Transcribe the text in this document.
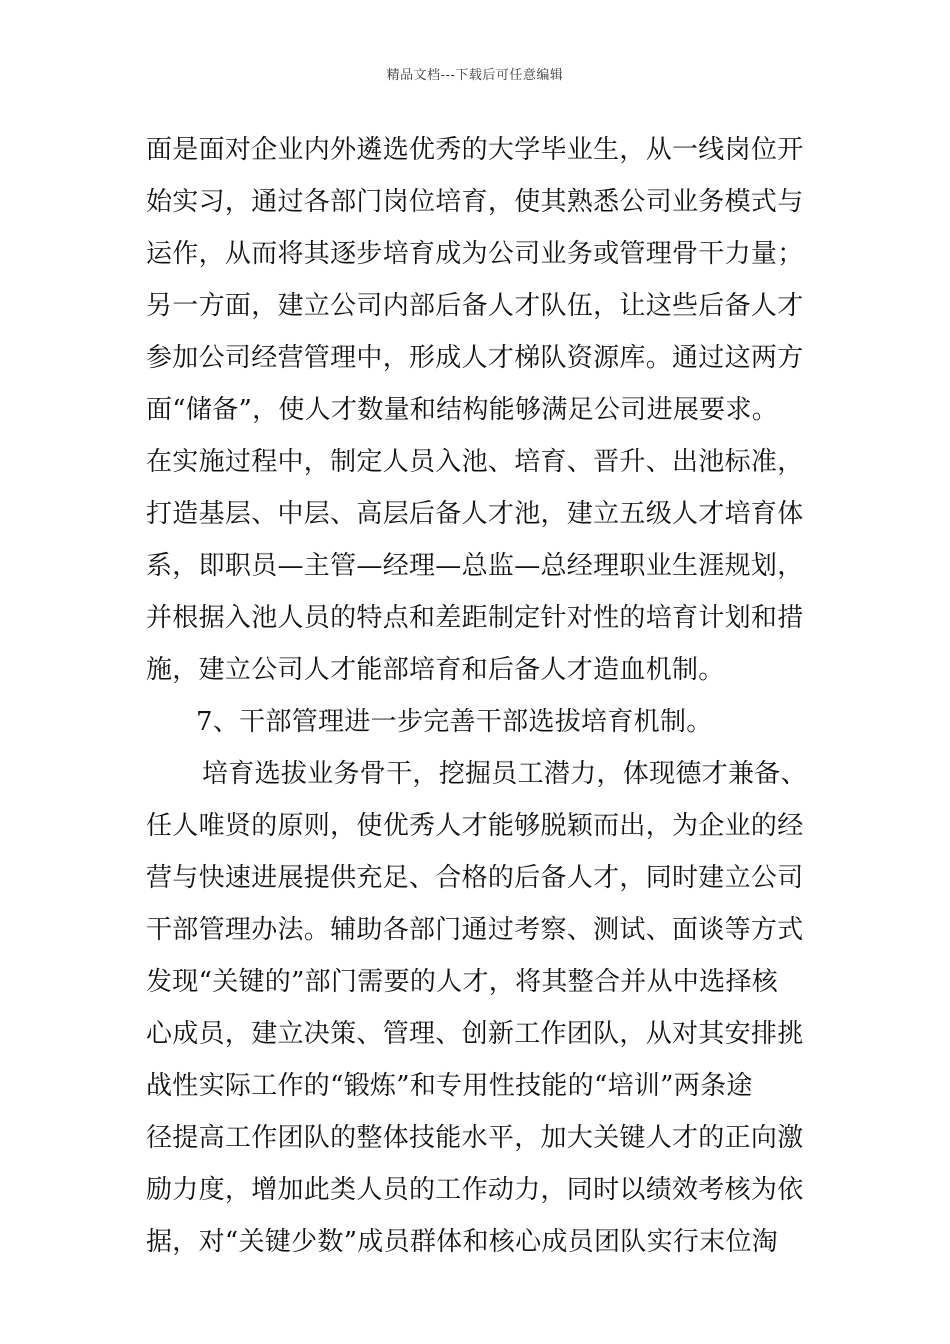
精品文档---下载后可任意编辑
面是面对企业内外遴选优秀的大学毕业生，从一线岗位开
始实习，通过各部门岗位培育，使其熟悉公司业务模式与
运作，从而将其逐步培育成为公司业务或管理骨干力量；
另一方面，建立公司内部后备人才队伍，让这些后备人才
参加公司经营管理中，形成人才梯队资源库。通过这两方
面“储备”，使人才数量和结构能够满足公司进展要求。
在实施过程中，制定人员入池、培育、晋升、出池标准，
打造基层、中层、高层后备人才池，建立五级人才培育体
系，即职员—主管—经理—总监—总经理职业生涯规划，
并根据入池人员的特点和差距制定针对性的培育计划和措
施，建立公司人才能部培育和后备人才造血机制。
7、干部管理进一步完善干部选拔培育机制。
培育选拔业务骨干，挖掘员工潜力，体现德才兼备、
任人唯贤的原则，使优秀人才能够脱颖而出，为企业的经
营与快速进展提供充足、合格的后备人才，同时建立公司
干部管理办法。辅助各部门通过考察、测试、面谈等方式
发现“关键的”部门需要的人才，将其整合并从中选择核
心成员，建立决策、管理、创新工作团队，从对其安排挑
战性实际工作的“锻炼”和专用性技能的“培训”两条途
径提高工作团队的整体技能水平，加大关键人才的正向激
励力度，增加此类人员的工作动力，同时以绩效考核为依
据，对“关键少数”成员群体和核心成员团队实行末位淘
